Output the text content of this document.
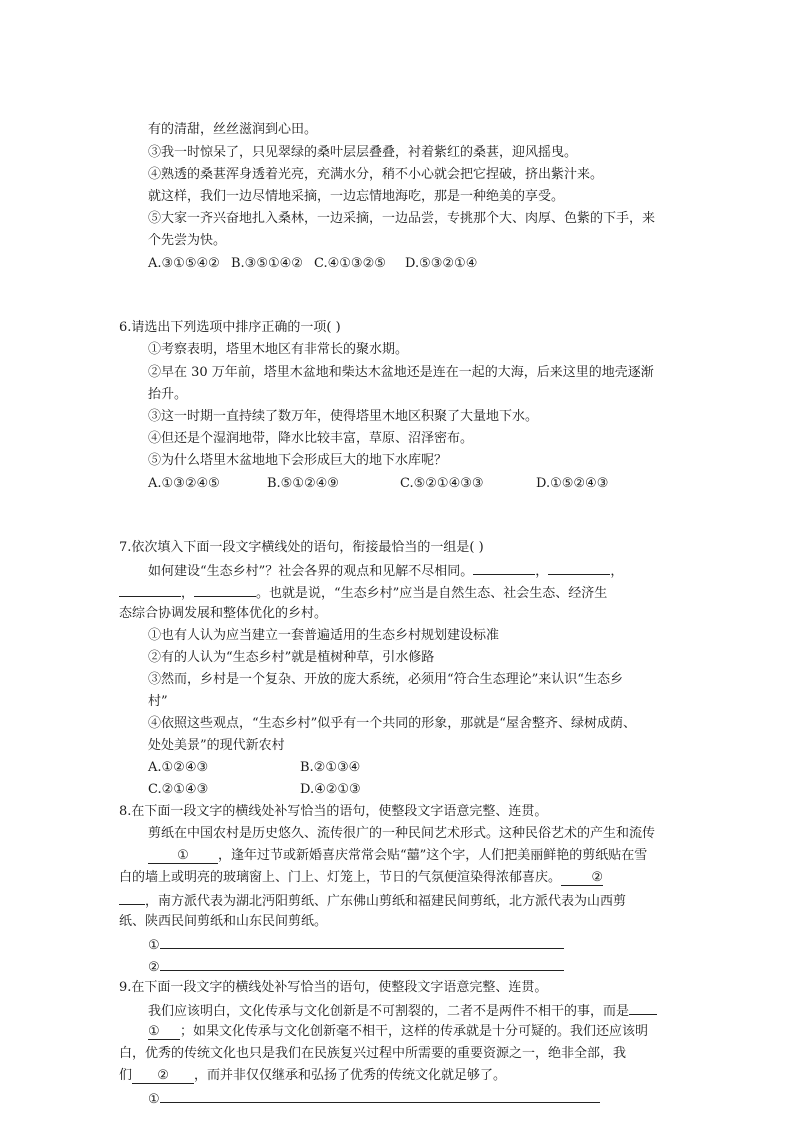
有的清甜，丝丝滋润到心田。
③我一时惊呆了，只见翠绿的桑叶层层叠叠，衬着紫红的桑葚，迎风摇曳。
④熟透的桑葚浑身透着光亮，充满水分，稍不小心就会把它捏破，挤出紫汁来。
就这样，我们一边尽情地采摘，一边忘情地海吃，那是一种绝美的享受。
⑤大家一齐兴奋地扎入桑林，一边采摘，一边品尝，专挑那个大、肉厚、色紫的下手，来
个先尝为快。
A.③①⑤④② B.③⑤①④② C.④①③②⑤ D.⑤③②①④
6.请选出下列选项中排序正确的一项( )
①考察表明，塔里木地区有非常长的聚水期。
②早在 30 万年前，塔里木盆地和柴达木盆地还是连在一起的大海，后来这里的地壳逐渐
抬升。
③这一时期一直持续了数万年，使得塔里木地区积聚了大量地下水。
④但还是个湿润地带，降水比较丰富，草原、沼泽密布。
⑤为什么塔里木盆地地下会形成巨大的地下水库呢？
A.①③②④⑤	B.⑤①②④⑨	C.⑤②①④③③	D.①⑤②④③
7.依次填入下面一段文字横线处的语句，衔接最恰当的一组是( )
如何建设“生态乡村”？社会各界的观点和见解不尽相同。	，	，
，	。也就是说，“生态乡村”应当是自然生态、社会生态、经济生
态综合协调发展和整体优化的乡村。
①也有人认为应当建立一套普遍适用的生态乡村规划建设标准
②有的人认为“生态乡村”就是植树种草，引水修路
③然而，乡村是一个复杂、开放的庞大系统，必须用“符合生态理论”来认识“生态乡
村”
④依照这些观点，“生态乡村”似乎有一个共同的形象，那就是“屋舍整齐、绿树成荫、
处处美景”的现代新农村
A.①②④③	B.②①③④
C.②①④③	D.④②①③
8.在下面一段文字的横线处补写恰当的语句，使整段文字语意完整、连贯。
剪纸在中国农村是历史悠久、流传很广的一种民间艺术形式。这种民俗艺术的产生和流传
① ，逢年过节或新婚喜庆常常会贴“囍”这个字，人们把美丽鲜艳的剪纸贴在雪
白的墙上或明亮的玻璃窗上、门上、灯笼上，节日的气氛便渲染得浓郁喜庆。 ②
，南方派代表为湖北沔阳剪纸、广东佛山剪纸和福建民间剪纸，北方派代表为山西剪
纸、陕西民间剪纸和山东民间剪纸。
①
②
9.在下面一段文字的横线处补写恰当的语句，使整段文字语意完整、连贯。
我们应该明白，文化传承与文化创新是不可割裂的，二者不是两件不相干的事，而是
① ；如果文化传承与文化创新毫不相干，这样的传承就是十分可疑的。我们还应该明
白，优秀的传统文化也只是我们在民族复兴过程中所需要的重要资源之一，绝非全部，我
们 ② ，而并非仅仅继承和弘扬了优秀的传统文化就足够了。
①
